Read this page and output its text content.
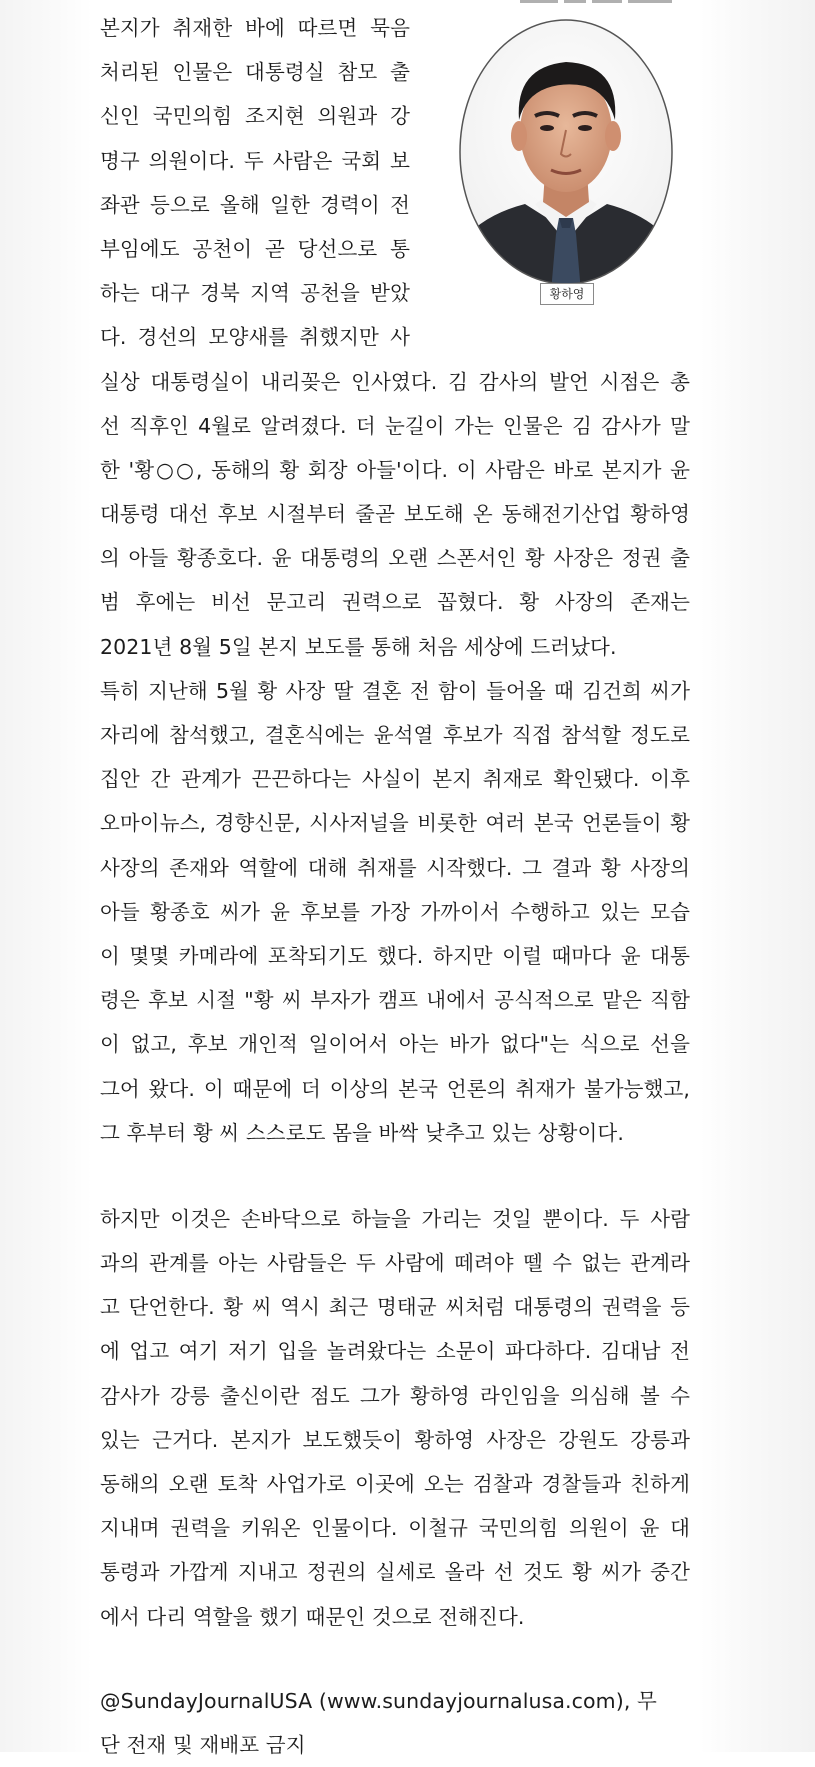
황하영
본지가 취재한 바에 따르면 묵음
처리된 인물은 대통령실 참모 출
신인 국민의힘 조지현 의원과 강
명구 의원이다. 두 사람은 국회 보
좌관 등으로 올해 일한 경력이 전
부임에도 공천이 곧 당선으로 통
하는 대구 경북 지역 공천을 받았
다. 경선의 모양새를 취했지만 사
실상 대통령실이 내리꽂은 인사였다. 김 감사의 발언 시점은 총
선 직후인 4월로 알려졌다. 더 눈길이 가는 인물은 김 감사가 말
한 '황○○, 동해의 황 회장 아들'이다. 이 사람은 바로 본지가 윤
대통령 대선 후보 시절부터 줄곧 보도해 온 동해전기산업 황하영
의 아들 황종호다. 윤 대통령의 오랜 스폰서인 황 사장은 정권 출
범 후에는 비선 문고리 권력으로 꼽혔다. 황 사장의 존재는
2021년 8월 5일 본지 보도를 통해 처음 세상에 드러났다.
특히 지난해 5월 황 사장 딸 결혼 전 함이 들어올 때 김건희 씨가
자리에 참석했고, 결혼식에는 윤석열 후보가 직접 참석할 정도로
집안 간 관계가 끈끈하다는 사실이 본지 취재로 확인됐다. 이후
오마이뉴스, 경향신문, 시사저널을 비롯한 여러 본국 언론들이 황
사장의 존재와 역할에 대해 취재를 시작했다. 그 결과 황 사장의
아들 황종호 씨가 윤 후보를 가장 가까이서 수행하고 있는 모습
이 몇몇 카메라에 포착되기도 했다. 하지만 이럴 때마다 윤 대통
령은 후보 시절 "황 씨 부자가 캠프 내에서 공식적으로 맡은 직함
이 없고, 후보 개인적 일이어서 아는 바가 없다"는 식으로 선을
그어 왔다. 이 때문에 더 이상의 본국 언론의 취재가 불가능했고,
그 후부터 황 씨 스스로도 몸을 바싹 낮추고 있는 상황이다.
하지만 이것은 손바닥으로 하늘을 가리는 것일 뿐이다. 두 사람
과의 관계를 아는 사람들은 두 사람에 떼려야 뗄 수 없는 관계라
고 단언한다. 황 씨 역시 최근 명태균 씨처럼 대통령의 권력을 등
에 업고 여기 저기 입을 놀려왔다는 소문이 파다하다. 김대남 전
감사가 강릉 출신이란 점도 그가 황하영 라인임을 의심해 볼 수
있는 근거다. 본지가 보도했듯이 황하영 사장은 강원도 강릉과
동해의 오랜 토착 사업가로 이곳에 오는 검찰과 경찰들과 친하게
지내며 권력을 키워온 인물이다. 이철규 국민의힘 의원이 윤 대
통령과 가깝게 지내고 정권의 실세로 올라 선 것도 황 씨가 중간
에서 다리 역할을 했기 때문인 것으로 전해진다.
@SundayJournalUSA (www.sundayjournalusa.com), 무
단 전재 및 재배포 금지
